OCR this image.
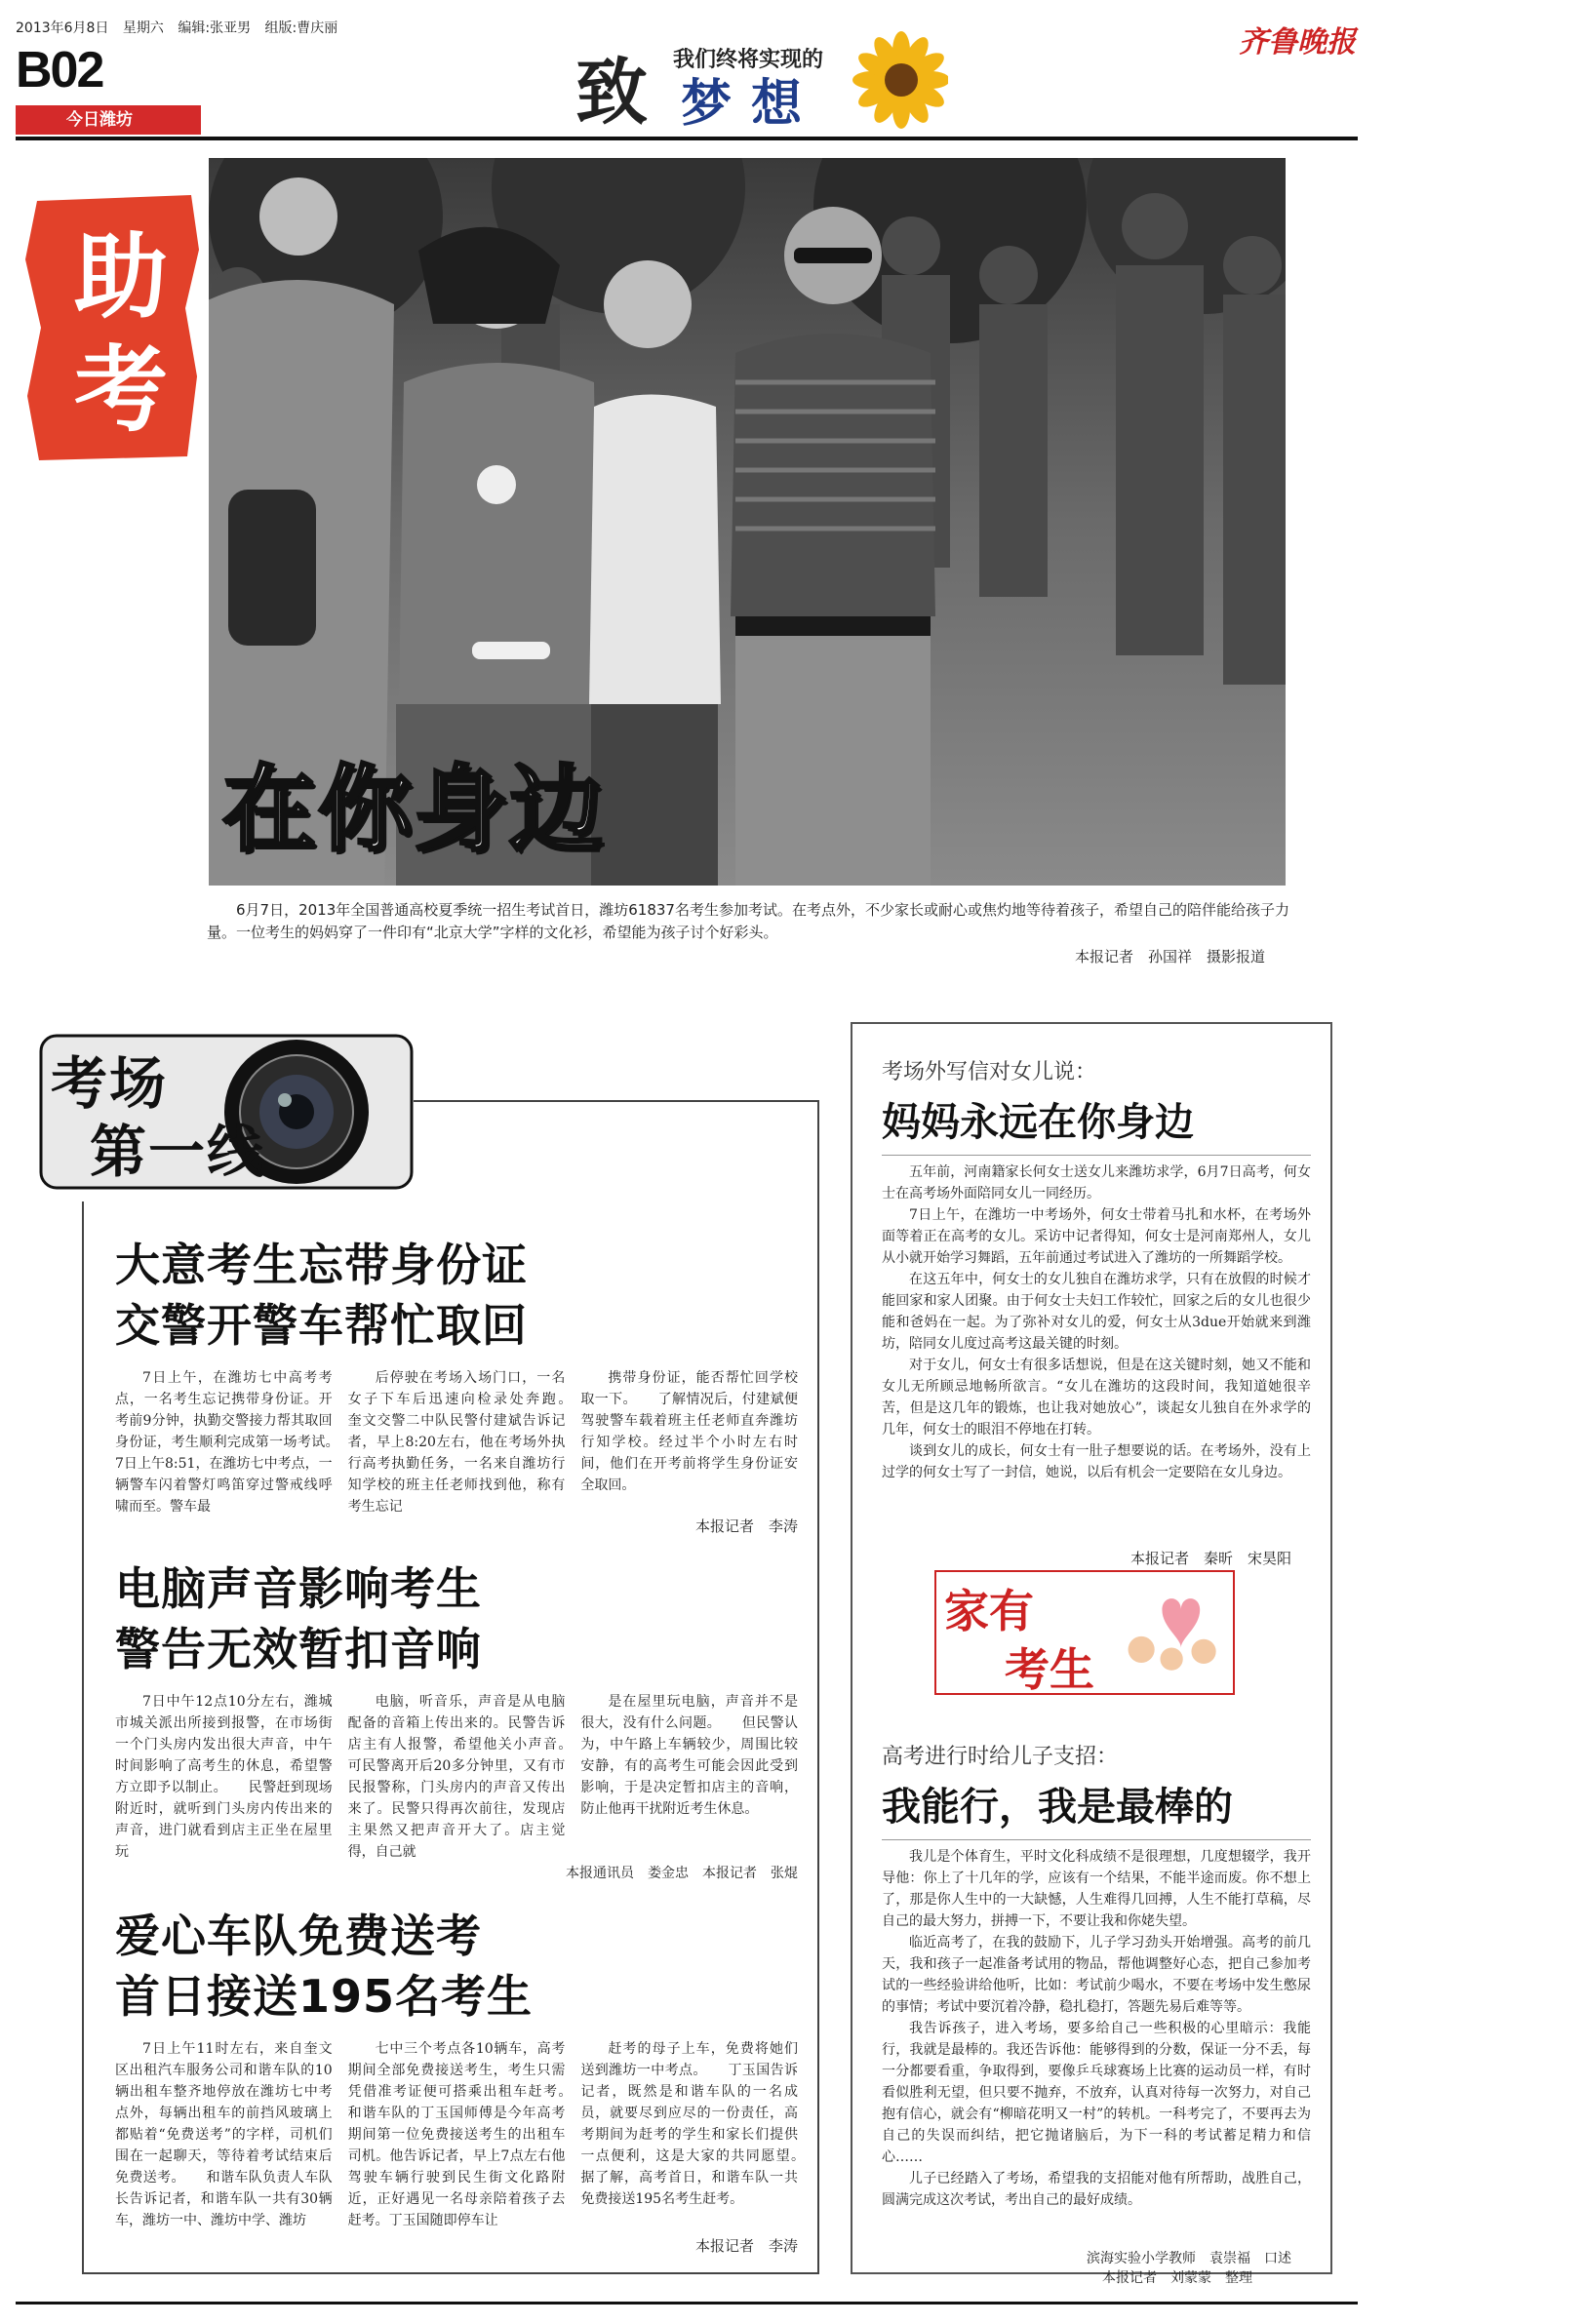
2013年6月8日 星期六 编辑:张亚男 组版:曹庆丽
B02
今日潍坊	致 我们终将实现的
梦想
齐鲁晚报
助考
在你身边
6月7日，2013年全国普通高校夏季统一招生考试首日，潍坊61837名考生参加考试。在考点外，不少家长或耐心或焦灼地等待着孩子，希望自己的陪伴能给孩子力量。一位考生的妈妈穿了一件印有“北京大学”字样的文化衫，希望能为孩子讨个好彩头。
本报记者　孙国祥　摄影报道
考场
第一线
大意考生忘带身份证
交警开警车帮忙取回

7日上午，在潍坊七中高考考点，一名考生忘记携带身份证。开考前9分钟，执勤交警接力帮其取回身份证，考生顺利完成第一场考试。　　7日上午8:51，在潍坊七中考点，一辆警车闪着警灯鸣笛穿过警戒线呼啸而至。警车最

后停驶在考场入场门口，一名女子下车后迅速向检录处奔跑。　　奎文交警二中队民警付建斌告诉记者，早上8:20左右，他在考场外执行高考执勤任务，一名来自潍坊行知学校的班主任老师找到他，称有考生忘记

携带身份证，能否帮忙回学校取一下。　　了解情况后，付建斌便驾驶警车载着班主任老师直奔潍坊行知学校。经过半个小时左右时间，他们在开考前将学生身份证安全取回。

本报记者　李涛
电脑声音影响考生
警告无效暂扣音响

7日中午12点10分左右，潍城市城关派出所接到报警，在市场街一个门头房内发出很大声音，中午时间影响了高考生的休息，希望警方立即予以制止。　　民警赶到现场附近时，就听到门头房内传出来的声音，进门就看到店主正坐在屋里玩

电脑，听音乐，声音是从电脑配备的音箱上传出来的。民警告诉店主有人报警，希望他关小声音。　　可民警离开后20多分钟里，又有市民报警称，门头房内的声音又传出来了。民警只得再次前往，发现店主果然又把声音开大了。店主觉得，自己就

是在屋里玩电脑，声音并不是很大，没有什么问题。　　但民警认为，中午路上车辆较少，周围比较安静，有的高考生可能会因此受到影响，于是决定暂扣店主的音响，防止他再干扰附近考生休息。

本报通讯员　娄金忠　本报记者　张焜
爱心车队免费送考
首日接送195名考生

7日上午11时左右，来自奎文区出租汽车服务公司和谐车队的10辆出租车整齐地停放在潍坊七中考点外，每辆出租车的前挡风玻璃上都贴着“免费送考”的字样，司机们围在一起聊天，等待着考试结束后免费送考。　　和谐车队负责人车队长告诉记者，和谐车队一共有30辆车，潍坊一中、潍坊中学、潍坊

七中三个考点各10辆车，高考期间全部免费接送考生，考生只需凭借准考证便可搭乘出租车赶考。　　和谐车队的丁玉国师傅是今年高考期间第一位免费接送考生的出租车司机。他告诉记者，早上7点左右他驾驶车辆行驶到民生街文化路附近，正好遇见一名母亲陪着孩子去赶考。丁玉国随即停车让

赶考的母子上车，免费将她们送到潍坊一中考点。　　丁玉国告诉记者，既然是和谐车队的一名成员，就要尽到应尽的一份责任，高考期间为赶考的学生和家长们提供一点便利，这是大家的共同愿望。　　据了解，高考首日，和谐车队一共免费接送195名考生赶考。

本报记者　李涛
考场外写信对女儿说：
妈妈永远在你身边

五年前，河南籍家长何女士送女儿来潍坊求学，6月7日高考，何女士在高考场外面陪同女儿一同经历。

7日上午，在潍坊一中考场外，何女士带着马扎和水杯，在考场外面等着正在高考的女儿。采访中记者得知，何女士是河南郑州人，女儿从小就开始学习舞蹈，五年前通过考试进入了潍坊的一所舞蹈学校。

在这五年中，何女士的女儿独自在潍坊求学，只有在放假的时候才能回家和家人团聚。由于何女士夫妇工作较忙，回家之后的女儿也很少能和爸妈在一起。为了弥补对女儿的爱，何女士从3due开始就来到潍坊，陪同女儿度过高考这最关键的时刻。

对于女儿，何女士有很多话想说，但是在这关键时刻，她又不能和女儿无所顾忌地畅所欲言。“女儿在潍坊的这段时间，我知道她很辛苦，但是这几年的锻炼，也让我对她放心”，谈起女儿独自在外求学的几年，何女士的眼泪不停地在打转。

谈到女儿的成长，何女士有一肚子想要说的话。在考场外，没有上过学的何女士写了一封信，她说，以后有机会一定要陪在女儿身边。

本报记者　秦昕　宋昊阳
家有
考生
高考进行时给儿子支招：
我能行，我是最棒的

我儿是个体育生，平时文化科成绩不是很理想，几度想辍学，我开导他：你上了十几年的学，应该有一个结果，不能半途而废。你不想上了，那是你人生中的一大缺憾，人生难得几回搏，人生不能打草稿，尽自己的最大努力，拼搏一下，不要让我和你姥失望。

临近高考了，在我的鼓励下，儿子学习劲头开始增强。高考的前几天，我和孩子一起准备考试用的物品，帮他调整好心态，把自己参加考试的一些经验讲给他听，比如：考试前少喝水，不要在考场中发生憋尿的事情；考试中要沉着冷静，稳扎稳打，答题先易后难等等。

我告诉孩子，进入考场，要多给自己一些积极的心里暗示：我能行，我就是最棒的。我还告诉他：能够得到的分数，保证一分不丢，每一分都要看重，争取得到，要像乒乓球赛场上比赛的运动员一样，有时看似胜利无望，但只要不抛弃，不放弃，认真对待每一次努力，对自己抱有信心，就会有“柳暗花明又一村”的转机。一科考完了，不要再去为自己的失误而纠结，把它抛诸脑后，为下一科的考试蓄足精力和信心……

儿子已经踏入了考场，希望我的支招能对他有所帮助，战胜自己，圆满完成这次考试，考出自己的最好成绩。

滨海实验小学教师　袁崇福　口述
本报记者　刘蒙蒙　整理
